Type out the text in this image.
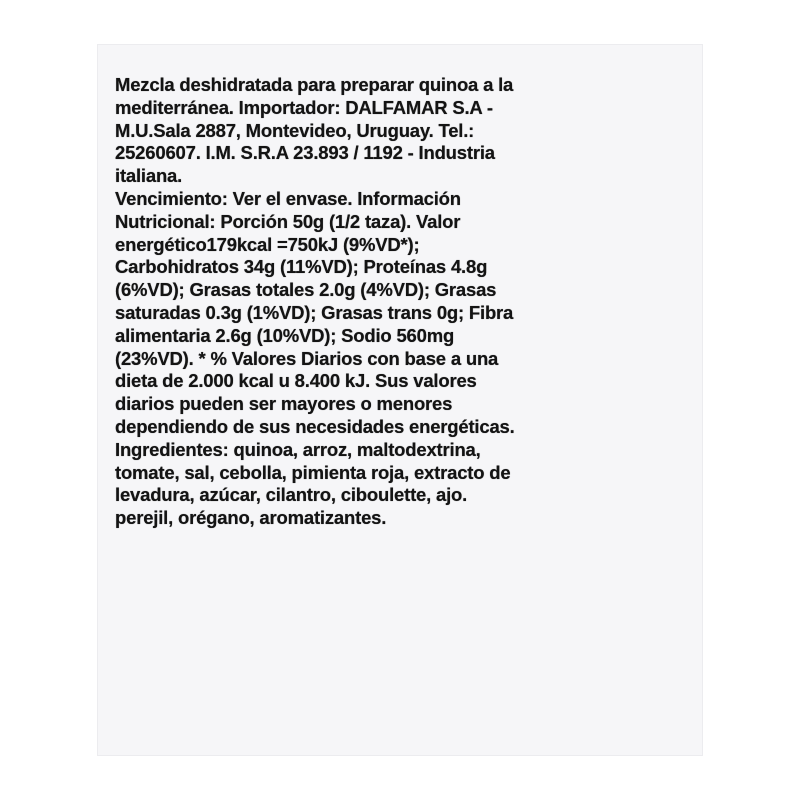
Mezcla deshidratada para preparar quinoa a la
mediterránea. Importador: DALFAMAR S.A -
M.U.Sala 2887, Montevideo, Uruguay. Tel.:
25260607. I.M. S.R.A 23.893 / 1192 - Industria
italiana.
Vencimiento: Ver el envase. Información
Nutricional: Porción 50g (1/2 taza). Valor
energético179kcal =750kJ (9%VD*);
Carbohidratos 34g (11%VD); Proteínas 4.8g
(6%VD); Grasas totales 2.0g (4%VD); Grasas
saturadas 0.3g (1%VD); Grasas trans 0g; Fibra
alimentaria 2.6g (10%VD); Sodio 560mg
(23%VD). * % Valores Diarios con base a una
dieta de 2.000 kcal u 8.400 kJ. Sus valores
diarios pueden ser mayores o menores
dependiendo de sus necesidades energéticas.
Ingredientes: quinoa, arroz, maltodextrina,
tomate, sal, cebolla, pimienta roja, extracto de
levadura, azúcar, cilantro, ciboulette, ajo.
perejil, orégano, aromatizantes.
